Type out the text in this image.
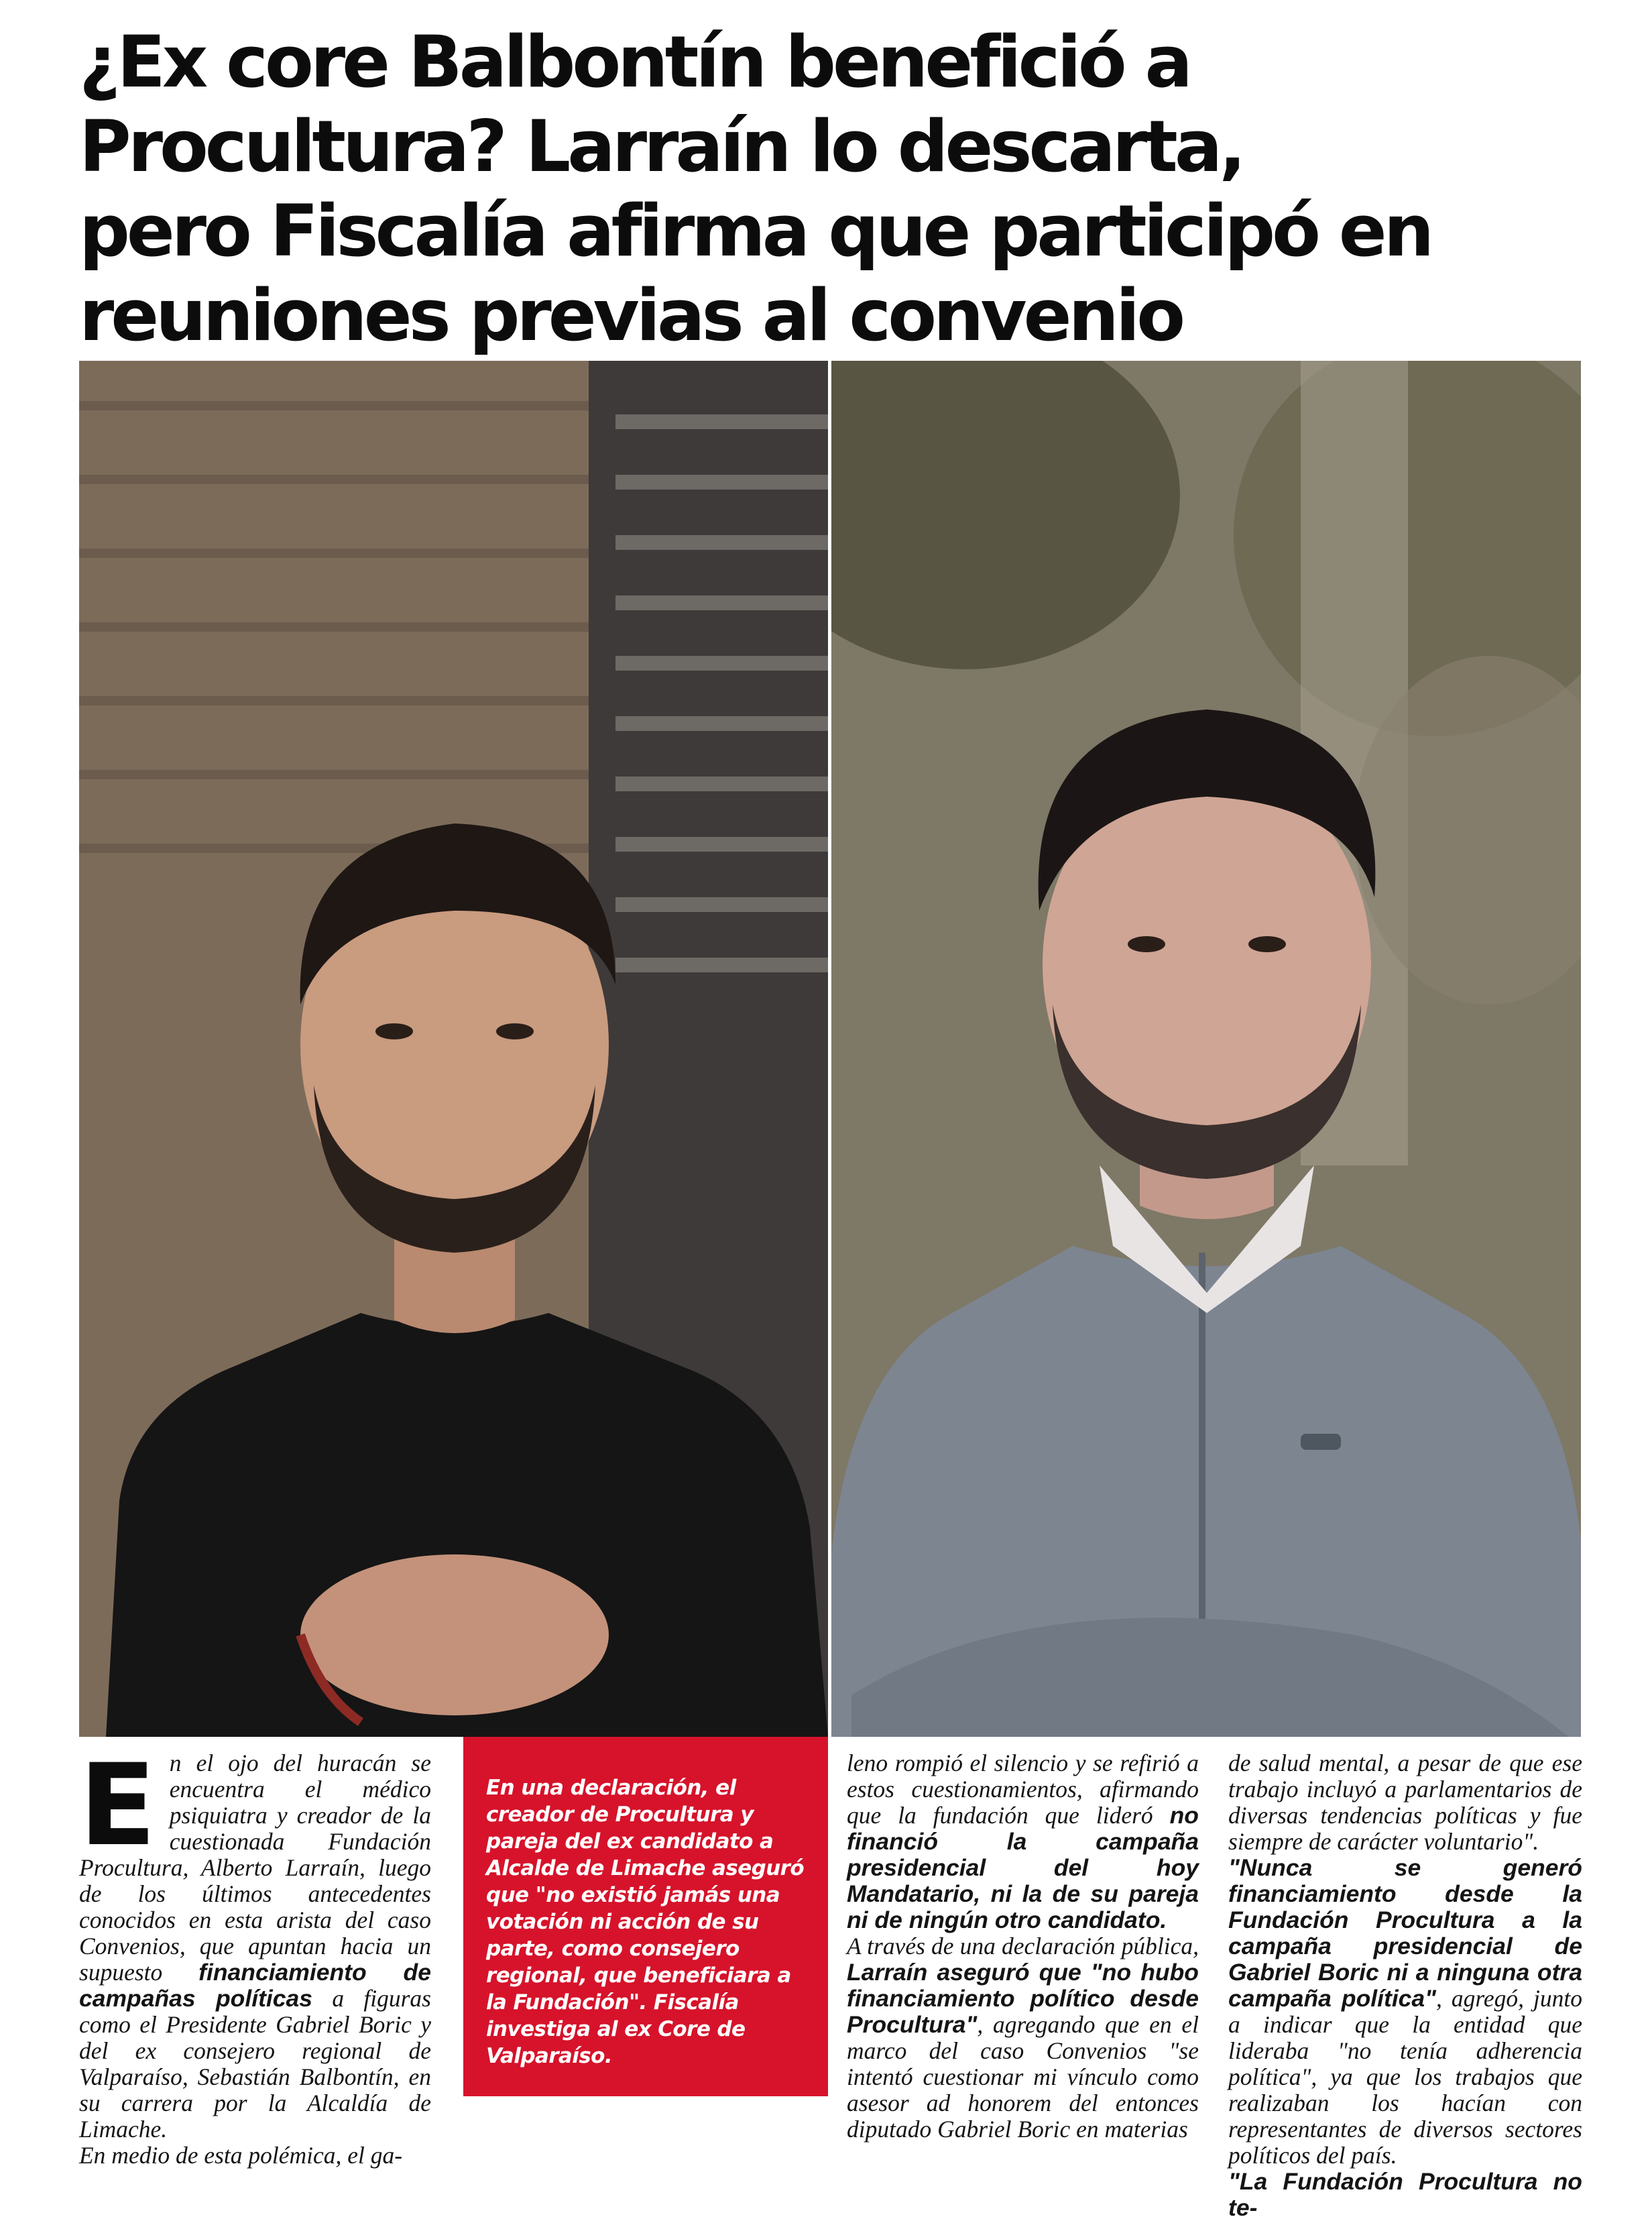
¿Ex core Balbontín benefició a
Procultura? Larraín lo descarta,
pero Fiscalía afirma que participó en
reuniones previas al convenio
E n el ojo del huracán se encuentra el médico psiquiatra y creador de la cuestionada Fundación Procultura, Alberto Larraín, luego de los últimos antecedentes conocidos en esta arista del caso Convenios, que apuntan hacia un supuesto financiamiento de campañas políticas a figuras como el Presidente Gabriel Boric y del ex consejero regional de Valparaíso, Sebastián Balbontín, en su carrera por la Alcaldía de Limache.

En medio de esta polémica, el ga-

En una declaración, el creador de Procultura y pareja del ex candidato a Alcalde de Limache aseguró que "no existió jamás una votación ni acción de su parte, como consejero regional, que beneficiara a la Fundación". Fiscalía investiga al ex Core de Valparaíso.

leno rompió el silencio y se refirió a estos cuestionamientos, afirmando que la fundación que lideró no financió la campaña presidencial del hoy Mandatario, ni la de su pareja ni de ningún otro candidato.

A través de una declaración pública, Larraín aseguró que "no hubo financiamiento político desde Procultura", agregando que en el marco del caso Convenios "se intentó cuestionar mi vínculo como asesor ad honorem del entonces diputado Gabriel Boric en materias

de salud mental, a pesar de que ese trabajo incluyó a parlamentarios de diversas tendencias políticas y fue siempre de carácter voluntario".

"Nunca se generó financiamiento desde la Fundación Procultura a la campaña presidencial de Gabriel Boric ni a ninguna otra campaña política", agregó, junto a indicar que la entidad que lideraba "no tenía adherencia política", ya que los trabajos que realizaban los hacían con representantes de diversos sectores políticos del país.

"La Fundación Procultura no te-
